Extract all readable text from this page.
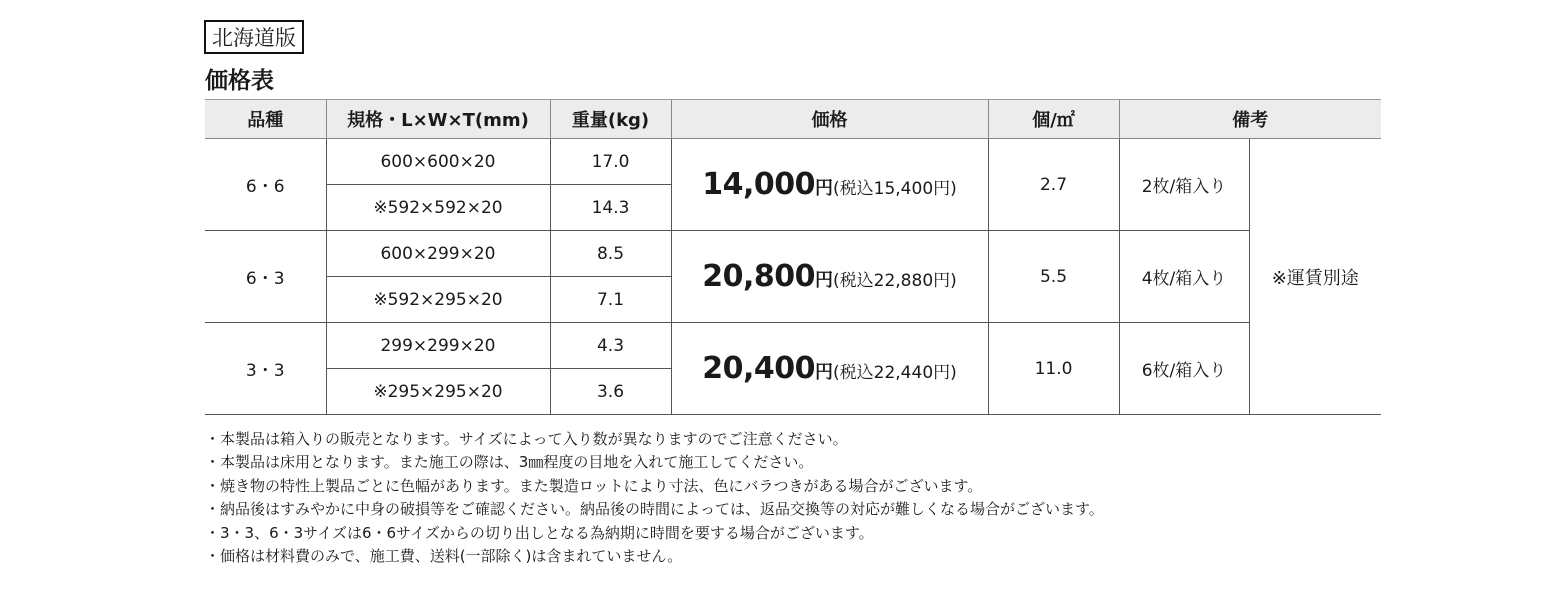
北海道版
価格表
品種	規格・L×W×T(mm)	重量(kg)	価格	個/㎡	備考	
6・6	600×600×20	17.0	14,000円(税込15,400円)	2.7	2枚/箱入り	※運賃別途
	※592×592×20	14.3				
6・3	600×299×20	8.5	20,800円(税込22,880円)	5.5	4枚/箱入り	
	※592×295×20	7.1				
3・3	299×299×20	4.3	20,400円(税込22,440円)	11.0	6枚/箱入り	
	※295×295×20	3.6				
・本製品は箱入りの販売となります。サイズによって入り数が異なりますのでご注意ください。
・本製品は床用となります。また施工の際は、3㎜程度の目地を入れて施工してください。
・焼き物の特性上製品ごとに色幅があります。また製造ロットにより寸法、色にバラつきがある場合がございます。
・納品後はすみやかに中身の破損等をご確認ください。納品後の時間によっては、返品交換等の対応が難しくなる場合がございます。
・3・3、6・3サイズは6・6サイズからの切り出しとなる為納期に時間を要する場合がございます。
・価格は材料費のみで、施工費、送料(一部除く)は含まれていません。
